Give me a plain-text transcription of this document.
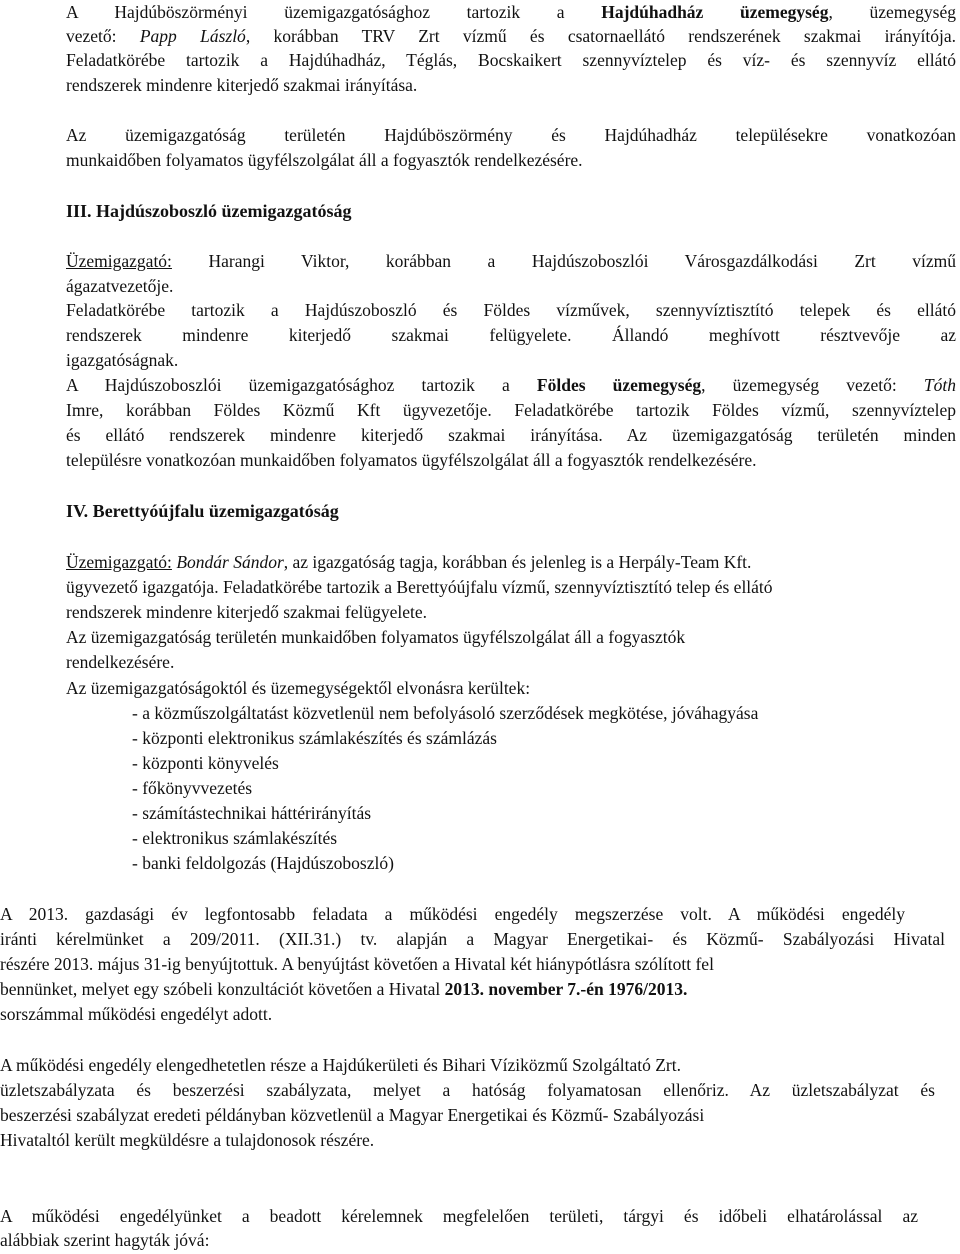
A Hajdúböszörményi üzemigazgatósághoz tartozik a Hajdúhadház üzemegység, üzemegység
vezető: Papp László, korábban TRV Zrt vízmű és csatornaellátó rendszerének szakmai irányítója.
Feladatkörébe tartozik a Hajdúhadház, Téglás, Bocskaikert szennyvíztelep és víz- és szennyvíz ellátó
rendszerek mindenre kiterjedő szakmai irányítása.
Az üzemigazgatóság területén Hajdúböszörmény és Hajdúhadház településekre vonatkozóan
munkaidőben folyamatos ügyfélszolgálat áll a fogyasztók rendelkezésére.
III. Hajdúszoboszló üzemigazgatóság
Üzemigazgató: Harangi Viktor, korábban a Hajdúszoboszlói Városgazdálkodási Zrt vízmű
ágazatvezetője.
Feladatkörébe tartozik a Hajdúszoboszló és Földes vízművek, szennyvíztisztító telepek és ellátó
rendszerek mindenre kiterjedő szakmai felügyelete. Állandó meghívott résztvevője az
igazgatóságnak.
A Hajdúszoboszlói üzemigazgatósághoz tartozik a Földes üzemegység, üzemegység vezető: Tóth
Imre, korábban Földes Közmű Kft ügyvezetője. Feladatkörébe tartozik Földes vízmű, szennyvíztelep
és ellátó rendszerek mindenre kiterjedő szakmai irányítása. Az üzemigazgatóság területén minden
településre vonatkozóan munkaidőben folyamatos ügyfélszolgálat áll a fogyasztók rendelkezésére.
IV. Berettyóújfalu üzemigazgatóság
Üzemigazgató: Bondár Sándor, az igazgatóság tagja, korábban és jelenleg is a Herpály-Team Kft.
ügyvezető igazgatója. Feladatkörébe tartozik a Berettyóújfalu vízmű, szennyvíztisztító telep és ellátó
rendszerek mindenre kiterjedő szakmai felügyelete.
Az üzemigazgatóság területén munkaidőben folyamatos ügyfélszolgálat áll a fogyasztók
rendelkezésére.
Az üzemigazgatóságoktól és üzemegységektől elvonásra kerültek:
- a közműszolgáltatást közvetlenül nem befolyásoló szerződések megkötése, jóváhagyása
- központi elektronikus számlakészítés és számlázás
- központi könyvelés
- főkönyvvezetés
- számítástechnikai háttérirányítás
- elektronikus számlakészítés
- banki feldolgozás (Hajdúszoboszló)
A 2013. gazdasági év legfontosabb feladata a működési engedély megszerzése volt. A működési engedély
iránti kérelmünket a 209/2011. (XII.31.) tv. alapján a Magyar Energetikai- és Közmű- Szabályozási Hivatal
részére 2013. május 31-ig benyújtottuk. A benyújtást követően a Hivatal két hiánypótlásra szólított fel
bennünket, melyet egy szóbeli konzultációt követően a Hivatal 2013. november 7.-én 1976/2013.
sorszámmal működési engedélyt adott.
A működési engedély elengedhetetlen része a Hajdúkerületi és Bihari Víziközmű Szolgáltató Zrt.
üzletszabályzata és beszerzési szabályzata, melyet a hatóság folyamatosan ellenőriz. Az üzletszabályzat és
beszerzési szabályzat eredeti példányban közvetlenül a Magyar Energetikai és Közmű- Szabályozási
Hivataltól került megküldésre a tulajdonosok részére.
A működési engedélyünket a beadott kérelemnek megfelelően területi, tárgyi és időbeli elhatárolással az
alábbiak szerint hagyták jóvá:
